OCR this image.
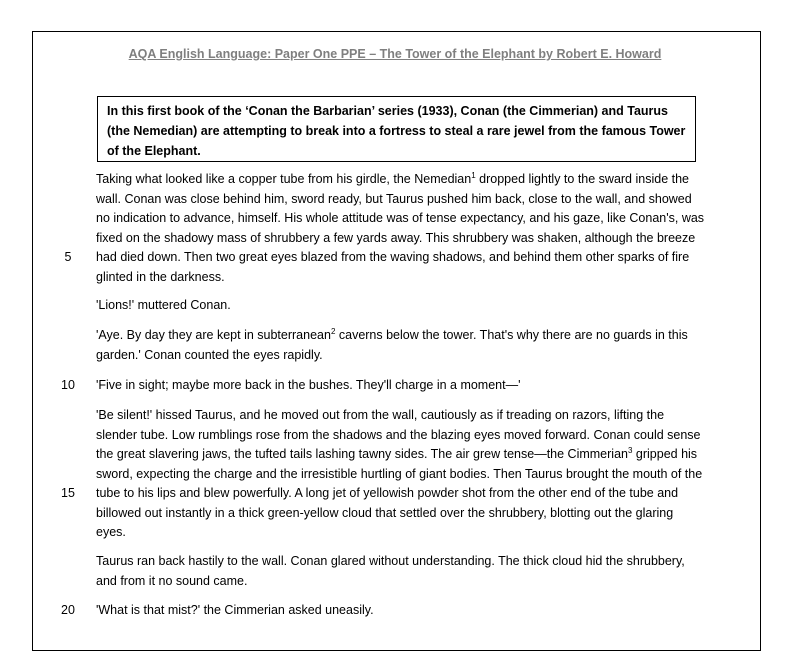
AQA English Language: Paper One PPE – The Tower of the Elephant by Robert E. Howard
In this first book of the ‘Conan the Barbarian’ series (1933), Conan (the Cimmerian) and Taurus (the Nemedian) are attempting to break into a fortress to steal a rare jewel from the famous Tower of the Elephant.
Taking what looked like a copper tube from his girdle, the Nemedian$^1$ dropped lightly to the sward inside the wall. Conan was close behind him, sword ready, but Taurus pushed him back, close to the wall, and showed no indication to advance, himself. His whole attitude was of tense expectancy, and his gaze, like Conan's, was fixed on the shadowy mass of shrubbery a few yards away. This shrubbery was shaken, although the breeze had died down. Then two great eyes blazed from the waving shadows, and behind them other sparks of fire glinted in the darkness.
'Lions!' muttered Conan.
'Aye. By day they are kept in subterranean$^2$ caverns below the tower. That's why there are no guards in this garden.' Conan counted the eyes rapidly.
'Five in sight; maybe more back in the bushes. They'll charge in a moment—'
'Be silent!' hissed Taurus, and he moved out from the wall, cautiously as if treading on razors, lifting the slender tube. Low rumblings rose from the shadows and the blazing eyes moved forward. Conan could sense the great slavering jaws, the tufted tails lashing tawny sides. The air grew tense—the Cimmerian$^3$ gripped his sword, expecting the charge and the irresistible hurtling of giant bodies. Then Taurus brought the mouth of the tube to his lips and blew powerfully. A long jet of yellowish powder shot from the other end of the tube and billowed out instantly in a thick green-yellow cloud that settled over the shrubbery, blotting out the glaring eyes.
Taurus ran back hastily to the wall. Conan glared without understanding. The thick cloud hid the shrubbery, and from it no sound came.
'What is that mist?' the Cimmerian asked uneasily.
5
10
15
20
